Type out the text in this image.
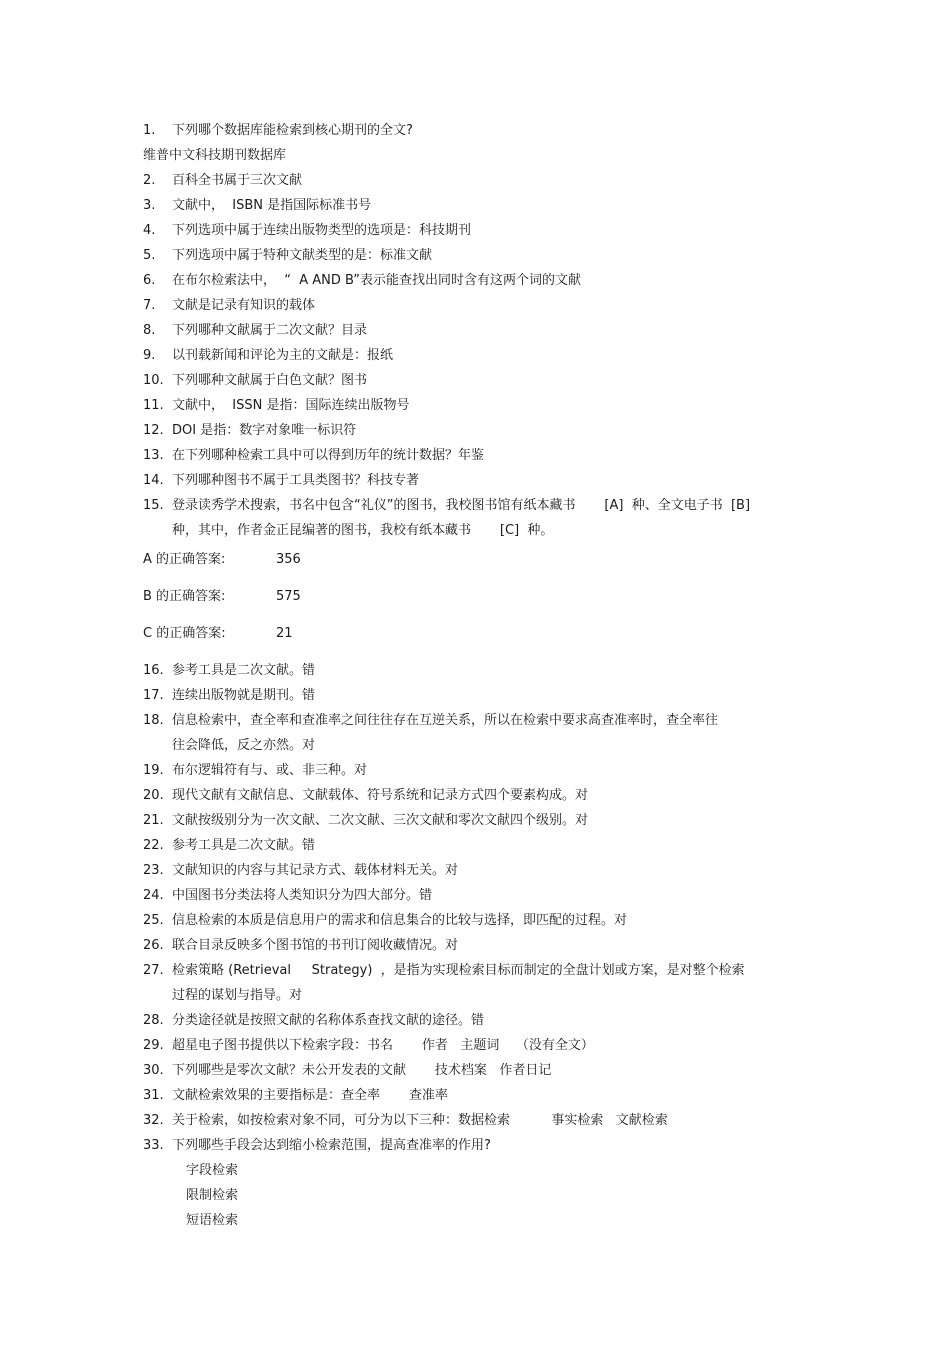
1.	下列哪个数据库能检索到核心期刊的全文?
维普中文科技期刊数据库
2.	百科全书属于三次文献
3.	文献中，  ISBN 是指国际标准书号
4.	下列选项中属于连续出版物类型的选项是：科技期刊
5.	下列选项中属于特种文献类型的是：标准文献
6.	在布尔检索法中，  “  A AND B”表示能查找出同时含有这两个词的文献
7.	文献是记录有知识的载体
8.	下列哪种文献属于二次文献？目录
9.	以刊载新闻和评论为主的文献是：报纸
10. 下列哪种文献属于白色文献？图书
11. 文献中，  ISSN 是指：国际连续出版物号
12. DOI 是指：数字对象唯一标识符
13. 在下列哪种检索工具中可以得到历年的统计数据？年鉴
14. 下列哪种图书不属于工具类图书？科技专著
15. 登录读秀学术搜索，书名中包含“礼仪”的图书，我校图书馆有纸本藏书       [A]  种、全文电子书  [B]
种，其中，作者金正昆编著的图书，我校有纸本藏书       [C]  种。
A 的正确答案:	356
B 的正确答案:	575
C 的正确答案:	21
16. 参考工具是二次文献。错
17. 连续出版物就是期刊。错
18. 信息检索中，查全率和查准率之间往往存在互逆关系，所以在检索中要求高查准率时，查全率往
往会降低，反之亦然。对
19. 布尔逻辑符有与、或、非三种。对
20. 现代文献有文献信息、文献载体、符号系统和记录方式四个要素构成。对
21. 文献按级别分为一次文献、二次文献、三次文献和零次文献四个级别。对
22. 参考工具是二次文献。错
23. 文献知识的内容与其记录方式、载体材料无关。对
24. 中国图书分类法将人类知识分为四大部分。错
25. 信息检索的本质是信息用户的需求和信息集合的比较与选择，即匹配的过程。对
26. 联合目录反映多个图书馆的书刊订阅收藏情况。对
27. 检索策略 (Retrieval     Strategy)  ，是指为实现检索目标而制定的全盘计划或方案，是对整个检索
过程的谋划与指导。对
28. 分类途径就是按照文献的名称体系查找文献的途径。错
29. 超星电子图书提供以下检索字段：书名       作者   主题词    （没有全文）
30. 下列哪些是零次文献？未公开发表的文献       技术档案   作者日记
31. 文献检索效果的主要指标是：查全率       查准率
32. 关于检索，如按检索对象不同，可分为以下三种：数据检索          事实检索   文献检索
33. 下列哪些手段会达到缩小检索范围，提高查准率的作用?
字段检索
限制检索
短语检索
